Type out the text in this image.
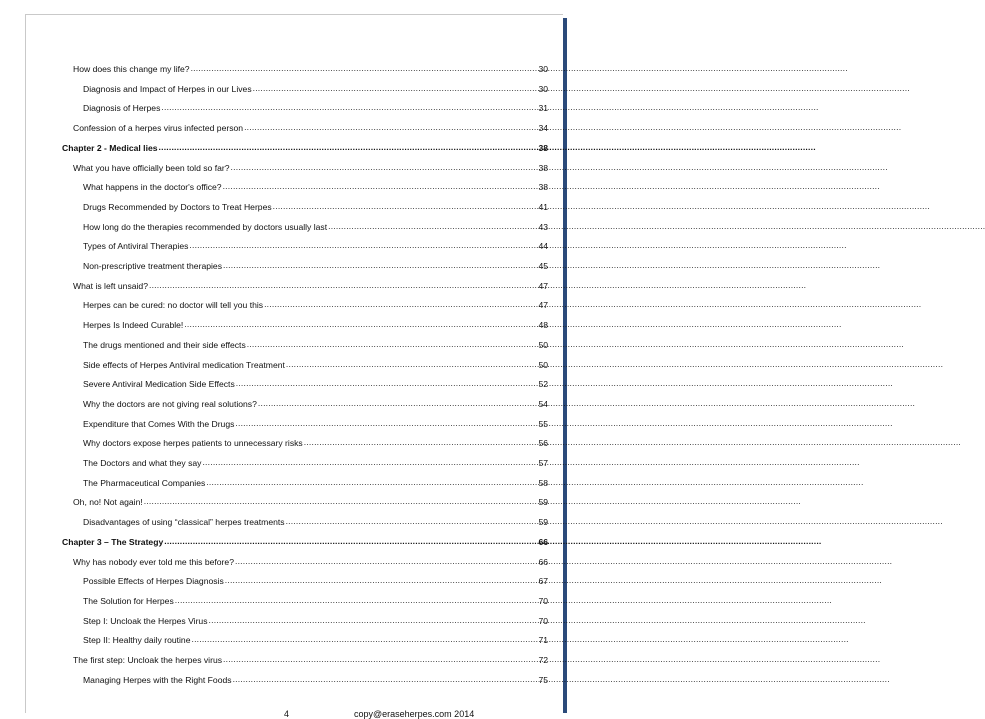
How does this change my life? .....	30
Diagnosis and Impact of Herpes in our Lives .....	30
Diagnosis of Herpes .....	31
Confession of a herpes virus infected person .....	34
Chapter 2 - Medical lies .....	38
What you have officially been told so far? .....	38
What happens in the doctor's office? .....	38
Drugs Recommended by Doctors to Treat Herpes .....	41
How long do the therapies recommended by doctors usually last .....	43
Types of Antiviral Therapies .....	44
Non-prescriptive treatment therapies .....	45
What is left unsaid? .....	47
Herpes can be cured: no doctor will tell you this .....	47
Herpes Is Indeed Curable! .....	48
The drugs mentioned and their side effects .....	50
Side effects of Herpes Antiviral medication Treatment .....	50
Severe Antiviral Medication Side Effects .....	52
Why the doctors are not giving real solutions? .....	54
Expenditure that Comes With the Drugs .....	55
Why doctors expose herpes patients to unnecessary risks .....	56
The Doctors and what they say .....	57
The Pharmaceutical Companies .....	58
Oh, no! Not again! .....	59
Disadvantages of using “classical” herpes treatments .....	59
Chapter 3 – The Strategy .....	66
Why has nobody ever told me this before? .....	66
Possible Effects of Herpes Diagnosis .....	67
The Solution for Herpes .....	70
Step I: Uncloak the Herpes Virus .....	70
Step II: Healthy daily routine .....	71
The first step: Uncloak the herpes virus .....	72
Managing Herpes with the Right Foods .....	75
4	copy@eraseherpes.com 2014
